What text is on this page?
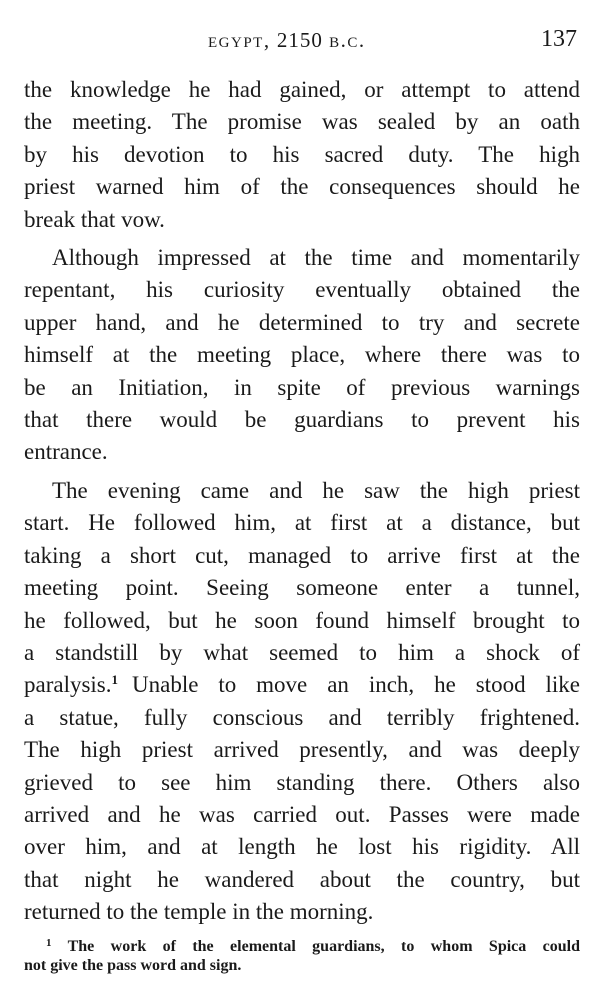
egypt, 2150 b.c.	137

the knowledge he had gained, or attempt to attend
the meeting. The promise was sealed by an oath
by his devotion to his sacred duty. The high
priest warned him of the consequences should he
break that vow.

Although impressed at the time and momentarily
repentant, his curiosity eventually obtained the
upper hand, and he determined to try and secrete
himself at the meeting place, where there was to
be an Initiation, in spite of previous warnings
that there would be guardians to prevent his
entrance.

The evening came and he saw the high priest
start. He followed him, at first at a distance, but
taking a short cut, managed to arrive first at the
meeting point. Seeing someone enter a tunnel,
he followed, but he soon found himself brought to
a standstill by what seemed to him a shock of
paralysis.$^1$ Unable to move an inch, he stood like
a statue, fully conscious and terribly frightened.
The high priest arrived presently, and was deeply
grieved to see him standing there. Others also
arrived and he was carried out. Passes were made
over him, and at length he lost his rigidity. All
that night he wandered about the country, but
returned to the temple in the morning.

$^1$ The work of the elemental guardians, to whom Spica could
not give the pass word and sign.
